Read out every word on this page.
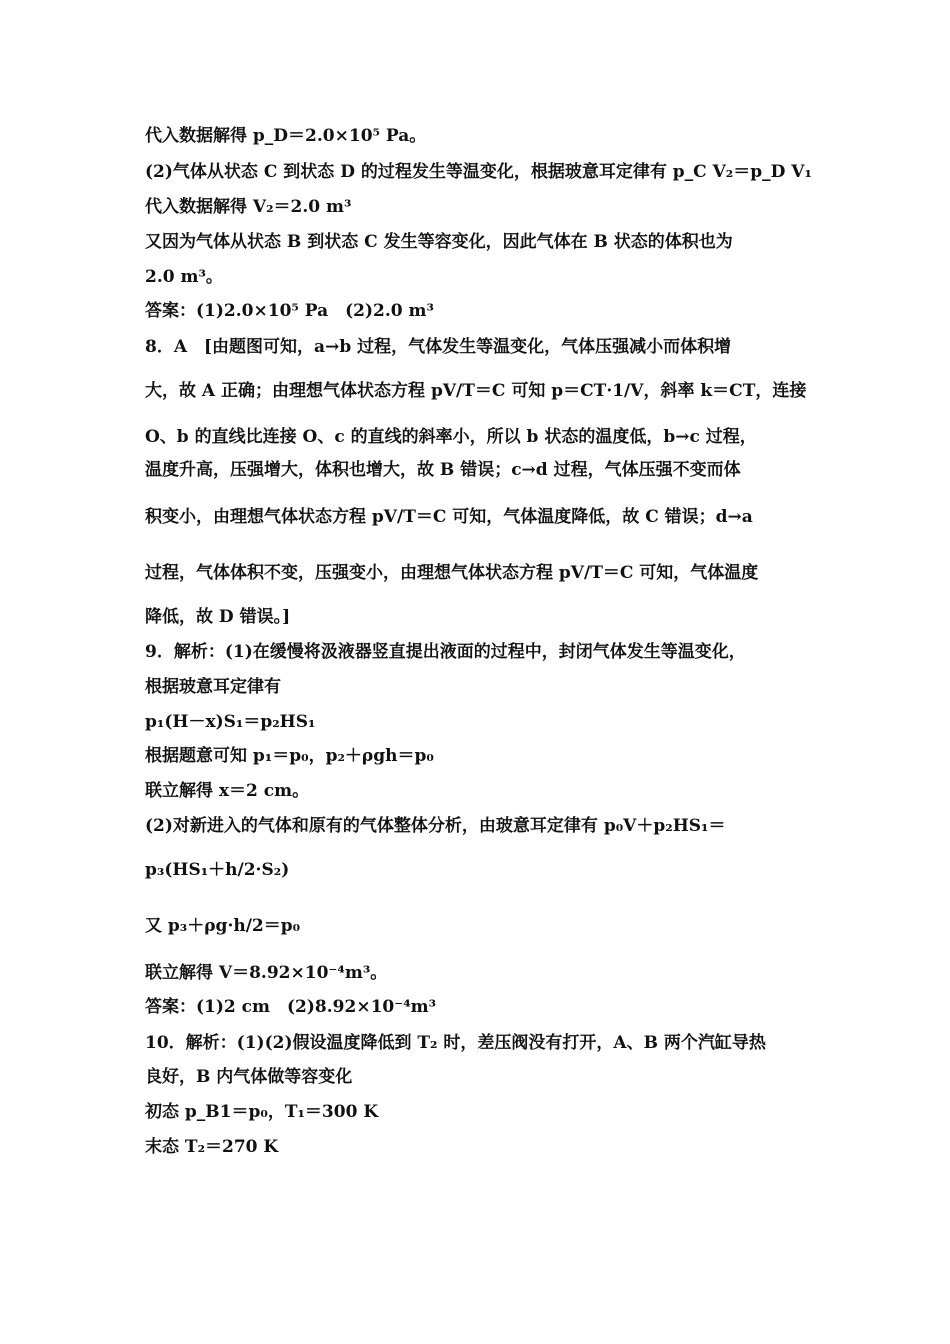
代入数据解得 p_D＝2.0×10⁵ Pa。
(2)气体从状态 C 到状态 D 的过程发生等温变化，根据玻意耳定律有 p_C V₂＝p_D V₁
代入数据解得 V₂＝2.0 m³
又因为气体从状态 B 到状态 C 发生等容变化，因此气体在 B 状态的体积也为
2.0 m³。
答案：(1)2.0×10⁵ Pa　(2)2.0 m³
8．A　[由题图可知，a→b 过程，气体发生等温变化，气体压强减小而体积增
大，故 A 正确；由理想气体状态方程 pV/T＝C 可知 p＝CT·1/V，斜率 k＝CT，连接
O、b 的直线比连接 O、c 的直线的斜率小，所以 b 状态的温度低，b→c 过程，
温度升高，压强增大，体积也增大，故 B 错误；c→d 过程，气体压强不变而体
积变小，由理想气体状态方程 pV/T＝C 可知，气体温度降低，故 C 错误；d→a
过程，气体体积不变，压强变小，由理想气体状态方程 pV/T＝C 可知，气体温度
降低，故 D 错误。]
9．解析：(1)在缓慢将汲液器竖直提出液面的过程中，封闭气体发生等温变化，
根据玻意耳定律有
p₁(H－x)S₁＝p₂HS₁
根据题意可知 p₁＝p₀，p₂＋ρgh＝p₀
联立解得 x＝2 cm。
(2)对新进入的气体和原有的气体整体分析，由玻意耳定律有 p₀V＋p₂HS₁＝
p₃(HS₁＋h/2·S₂)
又 p₃＋ρg·h/2＝p₀
联立解得 V＝8.92×10⁻⁴m³。
答案：(1)2 cm　(2)8.92×10⁻⁴m³
10．解析：(1)(2)假设温度降低到 T₂ 时，差压阀没有打开，A、B 两个汽缸导热
良好，B 内气体做等容变化
初态 p_B1＝p₀，T₁＝300 K
末态 T₂＝270 K
